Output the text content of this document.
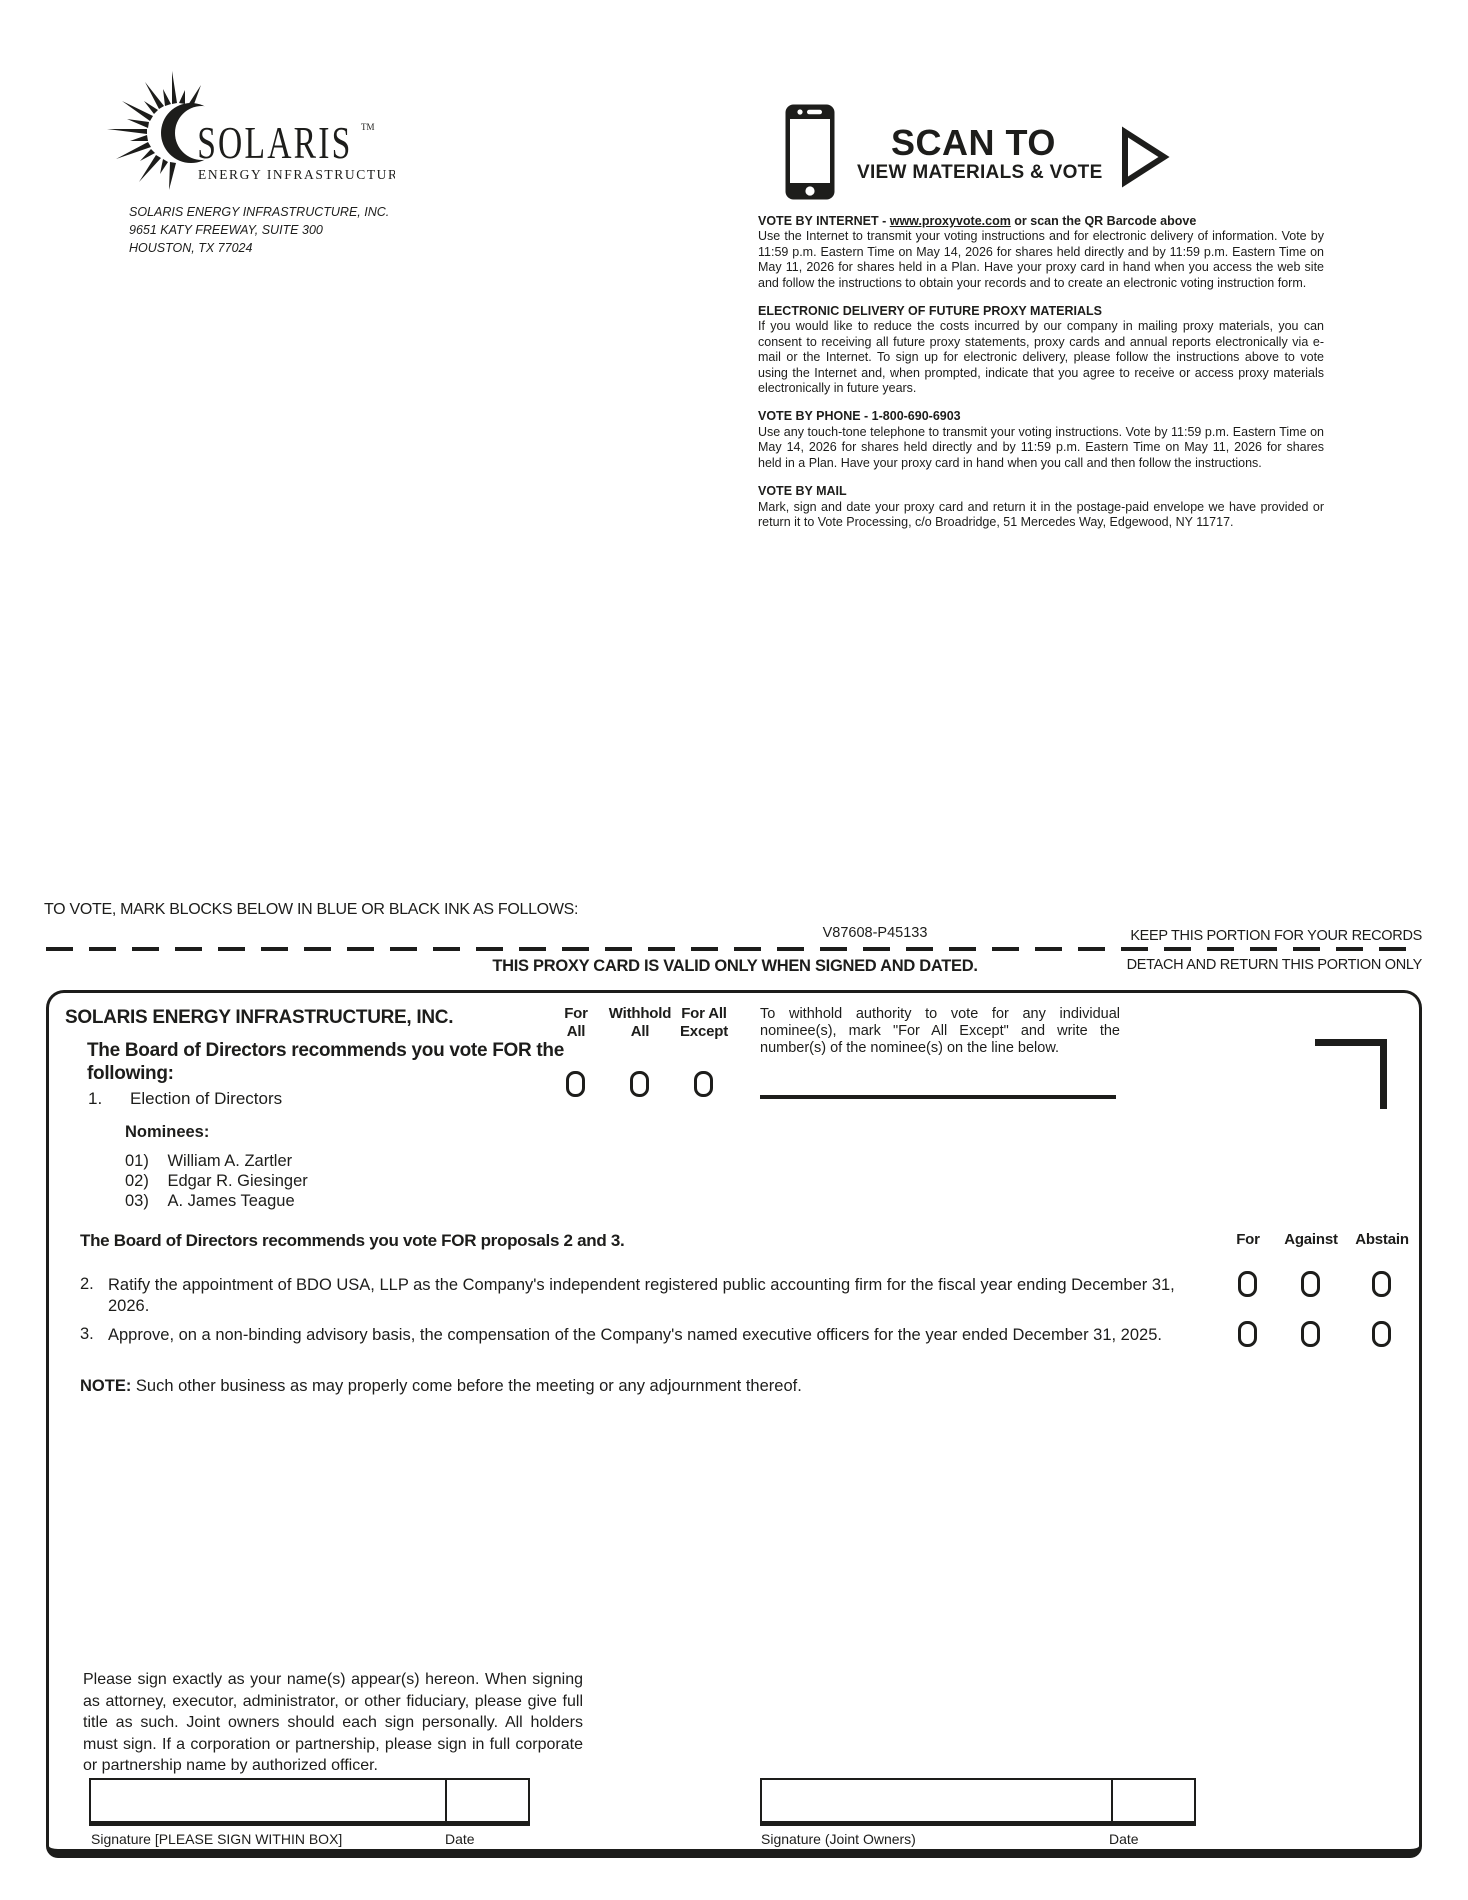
SOLARIS TM
ENERGY INFRASTRUCTURE
SOLARIS ENERGY INFRASTRUCTURE, INC.
9651 KATY FREEWAY, SUITE 300
HOUSTON, TX 77024
SCAN TO
VIEW MATERIALS & VOTE
VOTE BY INTERNET - www.proxyvote.com or scan the QR Barcode above
Use the Internet to transmit your voting instructions and for electronic delivery of information. Vote by 11:59 p.m. Eastern Time on May 14, 2026 for shares held directly and by 11:59 p.m. Eastern Time on May 11, 2026 for shares held in a Plan. Have your proxy card in hand when you access the web site and follow the instructions to obtain your records and to create an electronic voting instruction form.
ELECTRONIC DELIVERY OF FUTURE PROXY MATERIALS
If you would like to reduce the costs incurred by our company in mailing proxy materials, you can consent to receiving all future proxy statements, proxy cards and annual reports electronically via e-mail or the Internet. To sign up for electronic delivery, please follow the instructions above to vote using the Internet and, when prompted, indicate that you agree to receive or access proxy materials electronically in future years.
VOTE BY PHONE - 1-800-690-6903
Use any touch-tone telephone to transmit your voting instructions. Vote by 11:59 p.m. Eastern Time on May 14, 2026 for shares held directly and by 11:59 p.m. Eastern Time on May 11, 2026 for shares held in a Plan. Have your proxy card in hand when you call and then follow the instructions.
VOTE BY MAIL
Mark, sign and date your proxy card and return it in the postage-paid envelope we have provided or return it to Vote Processing, c/o Broadridge, 51 Mercedes Way, Edgewood, NY 11717.
TO VOTE, MARK BLOCKS BELOW IN BLUE OR BLACK INK AS FOLLOWS:
V87608-P45133	KEEP THIS PORTION FOR YOUR RECORDS
THIS PROXY CARD IS VALID ONLY WHEN SIGNED AND DATED.	DETACH AND RETURN THIS PORTION ONLY
SOLARIS ENERGY INFRASTRUCTURE, INC.
The Board of Directors recommends you vote FOR the following:
1. Election of Directors
For
All
Withhold
All
For All
Except
To withhold authority to vote for any individual nominee(s), mark "For All Except" and write the number(s) of the nominee(s) on the line below.
Nominees:
01) William A. Zartler
02) Edgar R. Giesinger
03) A. James Teague
The Board of Directors recommends you vote FOR proposals 2 and 3.	For	Against	Abstain
2. Ratify the appointment of BDO USA, LLP as the Company's independent registered public accounting firm for the fiscal year ending December 31, 2026.
3. Approve, on a non-binding advisory basis, the compensation of the Company's named executive officers for the year ended December 31, 2025.
NOTE: Such other business as may properly come before the meeting or any adjournment thereof.
Please sign exactly as your name(s) appear(s) hereon. When signing as attorney, executor, administrator, or other fiduciary, please give full title as such. Joint owners should each sign personally. All holders must sign. If a corporation or partnership, please sign in full corporate or partnership name by authorized officer.
Signature [PLEASE SIGN WITHIN BOX]	Date	Signature (Joint Owners)	Date
